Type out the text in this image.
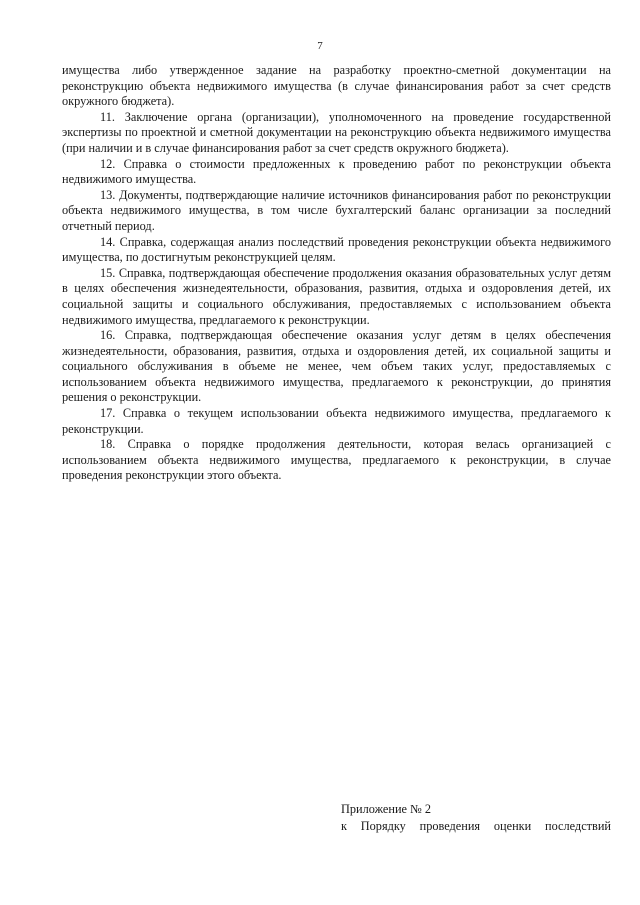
7

имущества либо утвержденное задание на разработку проектно-сметной документации на реконструкцию объекта недвижимого имущества (в случае финансирования работ за счет средств окружного бюджета).

11. Заключение органа (организации), уполномоченного на проведение государственной экспертизы по проектной и сметной документации на реконструкцию объекта недвижимого имущества (при наличии и в случае финансирования работ за счет средств окружного бюджета).

12. Справка о стоимости предложенных к проведению работ по реконструкции объекта недвижимого имущества.

13. Документы, подтверждающие наличие источников финансирования работ по реконструкции объекта недвижимого имущества, в том числе бухгалтерский баланс организации за последний отчетный период.

14. Справка, содержащая анализ последствий проведения реконструкции объекта недвижимого имущества, по достигнутым реконструкцией целям.

15. Справка, подтверждающая обеспечение продолжения оказания образовательных услуг детям в целях обеспечения жизнедеятельности, образования, развития, отдыха и оздоровления детей, их социальной защиты и социального обслуживания, предоставляемых с использованием объекта недвижимого имущества, предлагаемого к реконструкции.

16. Справка, подтверждающая обеспечение оказания услуг детям в целях обеспечения жизнедеятельности, образования, развития, отдыха и оздоровления детей, их социальной защиты и социального обслуживания в объеме не менее, чем объем таких услуг, предоставляемых с использованием объекта недвижимого имущества, предлагаемого к реконструкции, до принятия решения о реконструкции.

17. Справка о текущем использовании объекта недвижимого имущества, предлагаемого к реконструкции.

18. Справка о порядке продолжения деятельности, которая велась организацией с использованием объекта недвижимого имущества, предлагаемого к реконструкции, в случае проведения реконструкции этого объекта.

Приложение № 2

к Порядку проведения оценки последствий
